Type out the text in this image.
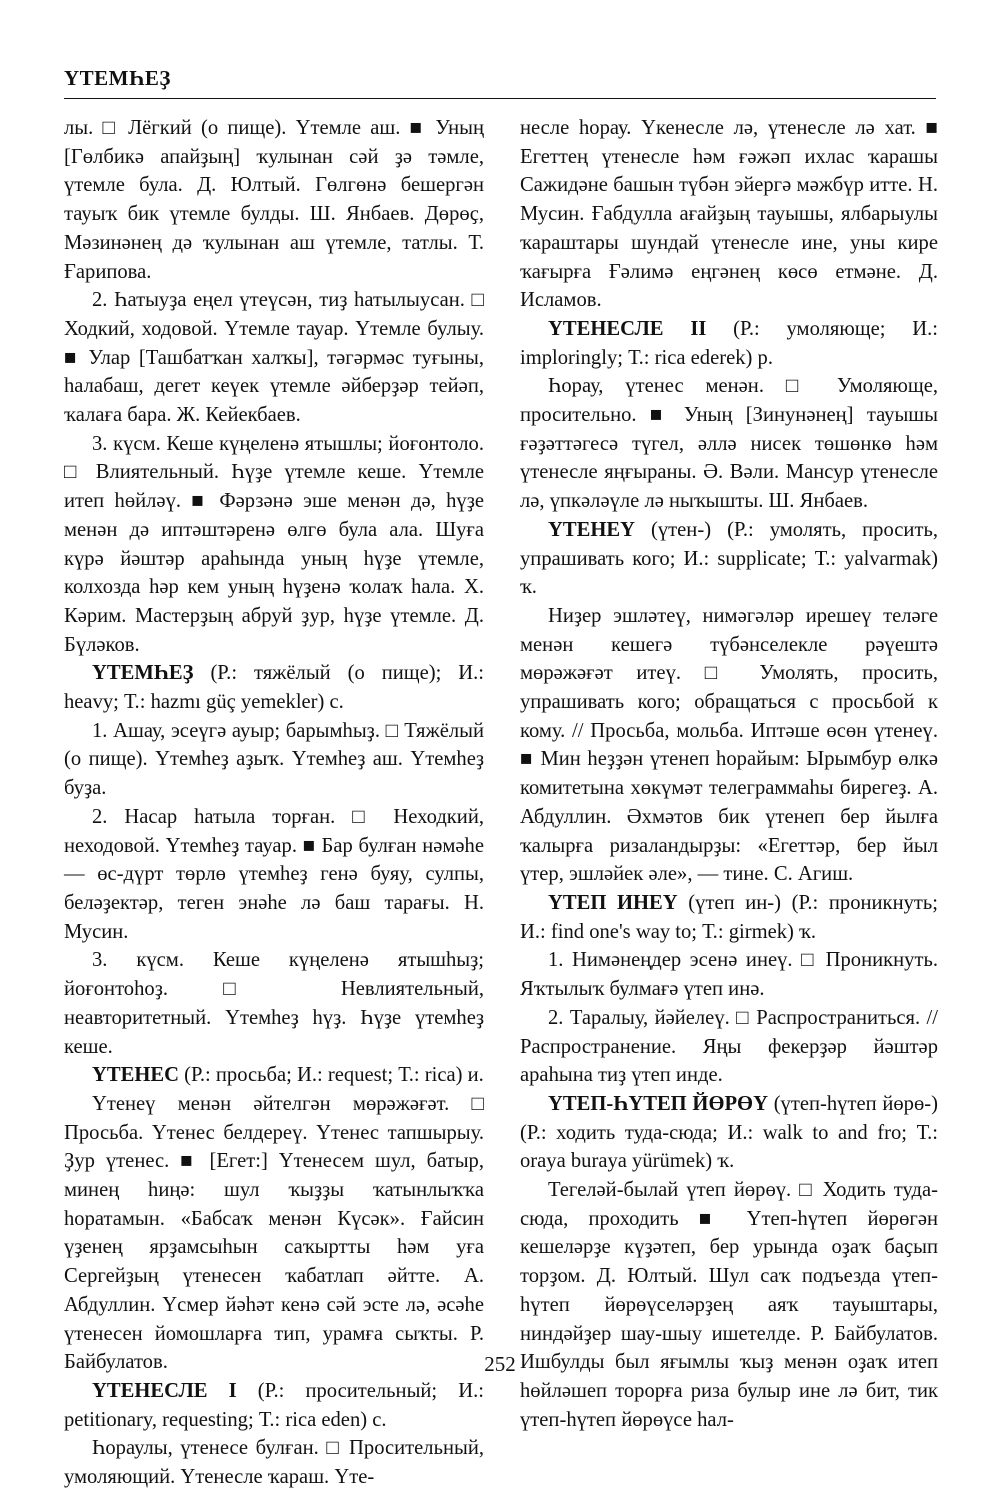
ҮТЕМҺЕҘ

лы. □ Лёгкий (о пище). Үтемле аш. ■ Уның [Гөлбикә апайҙың] ҡулынан сәй ҙә тәмле, үтемле була. Д. Юлтый. Гөлгөнә бешергән тауыҡ бик үтемле булды. Ш. Янбаев. Дөрөҫ, Мәзинәнең дә ҡулынан аш үтемле, татлы. Т. Ғарипова.

2. Һатыуҙа еңел үтеүсән, тиҙ һатылыусан. □ Ходкий, ходовой. Үтемле тауар. Үтемле булыу. ■ Улар [Ташбатҡан халҡы], тәгәрмәс туғыны, һалабаш, дегет кеүек үтемле әйберҙәр тейәп, ҡалаға бара. Ж. Кейекбаев.

3. күсм. Кеше күңеленә ятышлы; йоғонтоло. □ Влиятельный. Һүҙе үтемле кеше. Үтемле итеп һөйләү. ■ Фәрзәнә эше менән дә, һүҙе менән дә иптәштәренә өлгө була ала. Шуға күрә йәштәр араһында уның һүҙе үтемле, колхозда һәр кем уның һүҙенә ҡолаҡ һала. Х. Кәрим. Мастерҙың абруй ҙур, һүҙе үтемле. Д. Бүләков.

ҮТЕМҺЕҘ (Р.: тяжёлый (о пище); И.: heavy; Т.: hazmı güç yemekler) с.

1. Ашау, эсеүгә ауыр; барымһыҙ. □ Тяжёлый (о пище). Үтемһеҙ аҙыҡ. Үтемһеҙ аш. Үтемһеҙ буҙа.

2. Насар һатыла торған. □ Неходкий, неходовой. Үтемһеҙ тауар. ■ Бар булған нәмәһе — өс-дүрт төрлө үтемһеҙ генә буяу, сулпы, беләҙектәр, теген энәһе лә баш тарағы. Н. Мусин.

3. күсм. Кеше күңеленә ятышһыҙ; йоғонтоһоҙ. □ Невлиятельный, неавторитетный. Үтемһеҙ һүҙ. Һүҙе үтемһеҙ кеше.

ҮТЕНЕС (Р.: просьба; И.: request; Т.: rica) и.

Үтенеү менән әйтелгән мөрәжәғәт. □ Просьба. Үтенес белдереү. Үтенес тапшырыу. Ҙур үтенес. ■ [Егет:] Үтенесем шул, батыр, минең һиңә: шул ҡыҙҙы ҡатынлыҡҡа һоратамын. «Бабсаҡ менән Күсәк». Ғайсин үҙенең ярҙамсыһын саҡыртты һәм уға Сергейҙың үтенесен ҡабатлап әйтте. А. Абдуллин. Үсмер йәһәт кенә сәй эсте лә, әсәһе үтенесен йомошларға тип, урамға сыҡты. Р. Байбулатов.

ҮТЕНЕСЛЕ I (Р.: просительный; И.: petitionary, requesting; Т.: rica eden) с.

Һораулы, үтенесе булған. □ Просительный, умоляющий. Үтенесле ҡараш. Үте-

несле һорау. Үкенесле лә, үтенесле лә хат. ■ Егеттең үтенесле һәм ғәжәп ихлас ҡарашы Сажидәне башын түбән эйергә мәжбүр итте. Н. Мусин. Ғабдулла ағайҙың тауышы, ялбарыулы ҡараштары шундай үтенесле ине, уны кире ҡағырға Ғәлимә еңгәнең көсө етмәне. Д. Исламов.

ҮТЕНЕСЛЕ II (Р.: умоляюще; И.: imploringly; Т.: rica ederek) р.

Һорау, үтенес менән. □ Умоляюще, просительно. ■ Уның [Зинунәнең] тауышы ғәҙәттәгесә түгел, әллә нисек төшөнкө һәм үтенесле яңғыраны. Ә. Вәли. Мансур үтенесле лә, үпкәләүле лә ныҡышты. Ш. Янбаев.

ҮТЕНЕҮ (үтен-) (Р.: умолять, просить, упрашивать кого; И.: supplicate; Т.: yalvarmak) ҡ.

Ниҙер эшләтеү, нимәгәләр ирешеү теләге менән кешегә түбәнселекле рәүештә мөрәжәғәт итеү. □ Умолять, просить, упрашивать кого; обращаться с просьбой к кому. // Просьба, мольба. Иптәше өсөн үтенеү. ■ Мин һеҙҙән үтенеп һорайым: Ырымбур өлкә комитетына хөкүмәт телеграммаһы бирегеҙ. А. Абдуллин. Әхмәтов бик үтенеп бер йылға ҡалырға ризаландырҙы: «Егеттәр, бер йыл үтер, эшләйек әле», — тине. С. Агиш.

ҮТЕП ИНЕҮ (үтеп ин-) (Р.: проникнуть; И.: find one's way to; Т.: girmek) ҡ.

1. Нимәнеңдер эсенә инеү. □ Проникнуть. Яҡтылыҡ булмағә үтеп инә.

2. Таралыу, йәйелеү. □ Распространиться. // Распространение. Яңы фекерҙәр йәштәр араһына тиҙ үтеп инде.

ҮТЕП-ҺҮТЕП ЙӨРӨҮ (үтеп-һүтеп йөрө-) (Р.: ходить туда-сюда; И.: walk to and fro; Т.: oraya buraya yürümek) ҡ.

Тегеләй-былай үтеп йөрөү. □ Ходить туда-сюда, проходить ■ Үтеп-һүтеп йөрөгән кешеләрҙе күҙәтеп, бер урында оҙаҡ баҫып торҙом. Д. Юлтый. Шул саҡ подъезда үтеп-һүтеп йөрөүселәрҙең аяҡ тауыштары, ниндәйҙер шау-шыу ишетелде. Р. Байбулатов. Ишбулды был яғымлы ҡыҙ менән оҙаҡ итеп һөйләшеп торорға риза булыр ине лә бит, тик үтеп-һүтеп йөрөүсе һал-

252
